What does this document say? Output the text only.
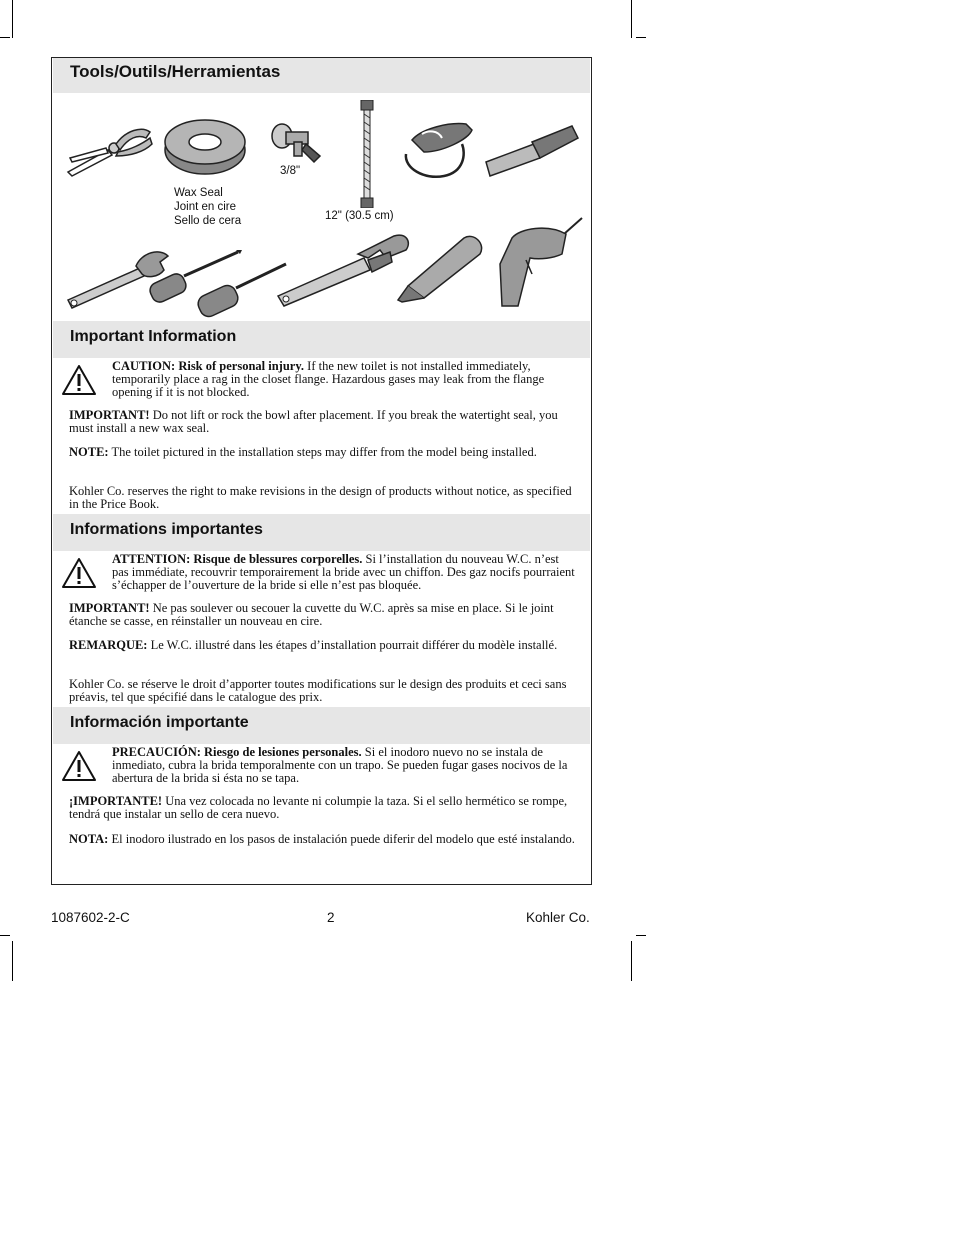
Tools/Outils/Herramientas
Wax Seal
Joint en cire
Sello de cera
3/8"
12" (30.5 cm)
Important Information
CAUTION: Risk of personal injury. If the new toilet is not installed immediately, temporarily place a rag in the closet flange. Hazardous gases may leak from the flange opening if it is not blocked.
IMPORTANT! Do not lift or rock the bowl after placement. If you break the watertight seal, you must install a new wax seal.
NOTE: The toilet pictured in the installation steps may differ from the model being installed.
Kohler Co. reserves the right to make revisions in the design of products without notice, as specified in the Price Book.
Informations importantes
ATTENTION: Risque de blessures corporelles. Si l’installation du nouveau W.C. n’est pas immédiate, recouvrir temporairement la bride avec un chiffon. Des gaz nocifs pourraient s’échapper de l’ouverture de la bride si elle n’est pas bloquée.
IMPORTANT! Ne pas soulever ou secouer la cuvette du W.C. après sa mise en place. Si le joint étanche se casse, en réinstaller un nouveau en cire.
REMARQUE: Le W.C. illustré dans les étapes d’installation pourrait différer du modèle installé.
Kohler Co. se réserve le droit d’apporter toutes modifications sur le design des produits et ceci sans préavis, tel que spécifié dans le catalogue des prix.
Información importante
PRECAUCIÓN: Riesgo de lesiones personales. Si el inodoro nuevo no se instala de inmediato, cubra la brida temporalmente con un trapo. Se pueden fugar gases nocivos de la abertura de la brida si ésta no se tapa.
¡IMPORTANTE! Una vez colocada no levante ni columpie la taza. Si el sello hermético se rompe, tendrá que instalar un sello de cera nuevo.
NOTA: El inodoro ilustrado en los pasos de instalación puede diferir del modelo que esté instalando.
1087602-2-C	2	Kohler Co.
